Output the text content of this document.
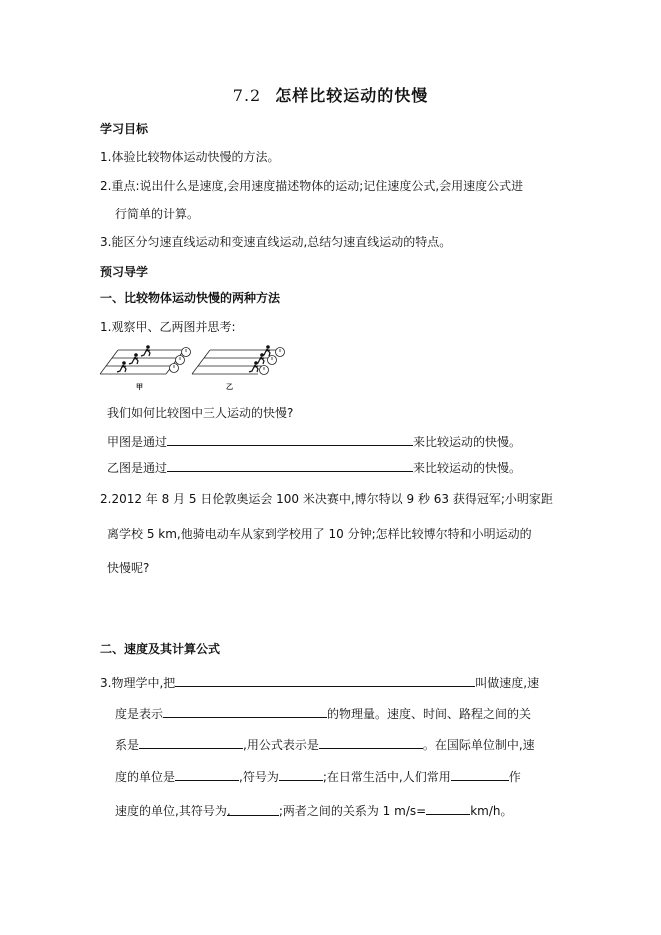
7.2 怎样比较运动的快慢
学习目标
1.体验比较物体运动快慢的方法。
2.重点:说出什么是速度,会用速度描述物体的运动;记住速度公式,会用速度公式进
行简单的计算。
3.能区分匀速直线运动和变速直线运动,总结匀速直线运动的特点。
预习导学
一、比较物体运动快慢的两种方法
1.观察甲、乙两图并思考:
甲	乙
我们如何比较图中三人运动的快慢?
甲图是通过	来比较运动的快慢。
乙图是通过	来比较运动的快慢。
2.2012 年 8 月 5 日伦敦奥运会 100 米决赛中,博尔特以 9 秒 63 获得冠军;小明家距
离学校 5 km,他骑电动车从家到学校用了 10 分钟;怎样比较博尔特和小明运动的
快慢呢?
二、速度及其计算公式
3.物理学中,把	叫做速度,速
度是表示	的物理量。速度、时间、路程之间的关
系是	,用公式表示是	。在国际单位制中,速
度的单位是	,符号为	;在日常生活中,人们常用	作
速度的单位,其符号为.	;两者之间的关系为 1 m/s=	km/h。
